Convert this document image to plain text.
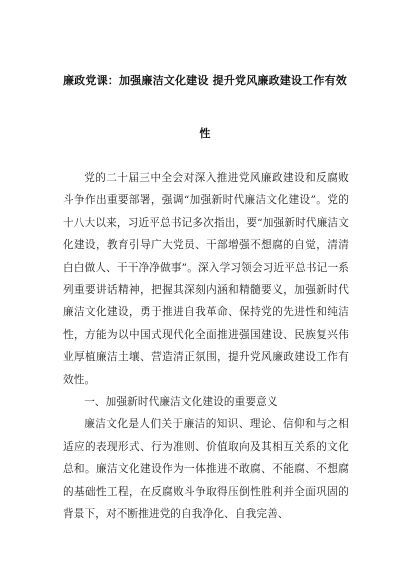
廉政党课：加强廉洁文化建设 提升党风廉政建设工作有效
性

党的二十届三中全会对深入推进党风廉政建设和反腐败斗争作出重要部署，强调“加强新时代廉洁文化建设”。党的十八大以来，习近平总书记多次指出，要“加强新时代廉洁文化建设，教育引导广大党员、干部增强不想腐的自觉，清清白白做人、干干净净做事”。深入学习领会习近平总书记一系列重要讲话精神，把握其深刻内涵和精髓要义，加强新时代廉洁文化建设，勇于推进自我革命、保持党的先进性和纯洁性，方能为以中国式现代化全面推进强国建设、民族复兴伟业厚植廉洁土壤、营造清正氛围，提升党风廉政建设工作有效性。

一、加强新时代廉洁文化建设的重要意义

廉洁文化是人们关于廉洁的知识、理论、信仰和与之相适应的表现形式、行为准则、价值取向及其相互关系的文化总和。廉洁文化建设作为一体推进不敢腐、不能腐、不想腐的基础性工程，在反腐败斗争取得压倒性胜利并全面巩固的背景下，对不断推进党的自我净化、自我完善、
